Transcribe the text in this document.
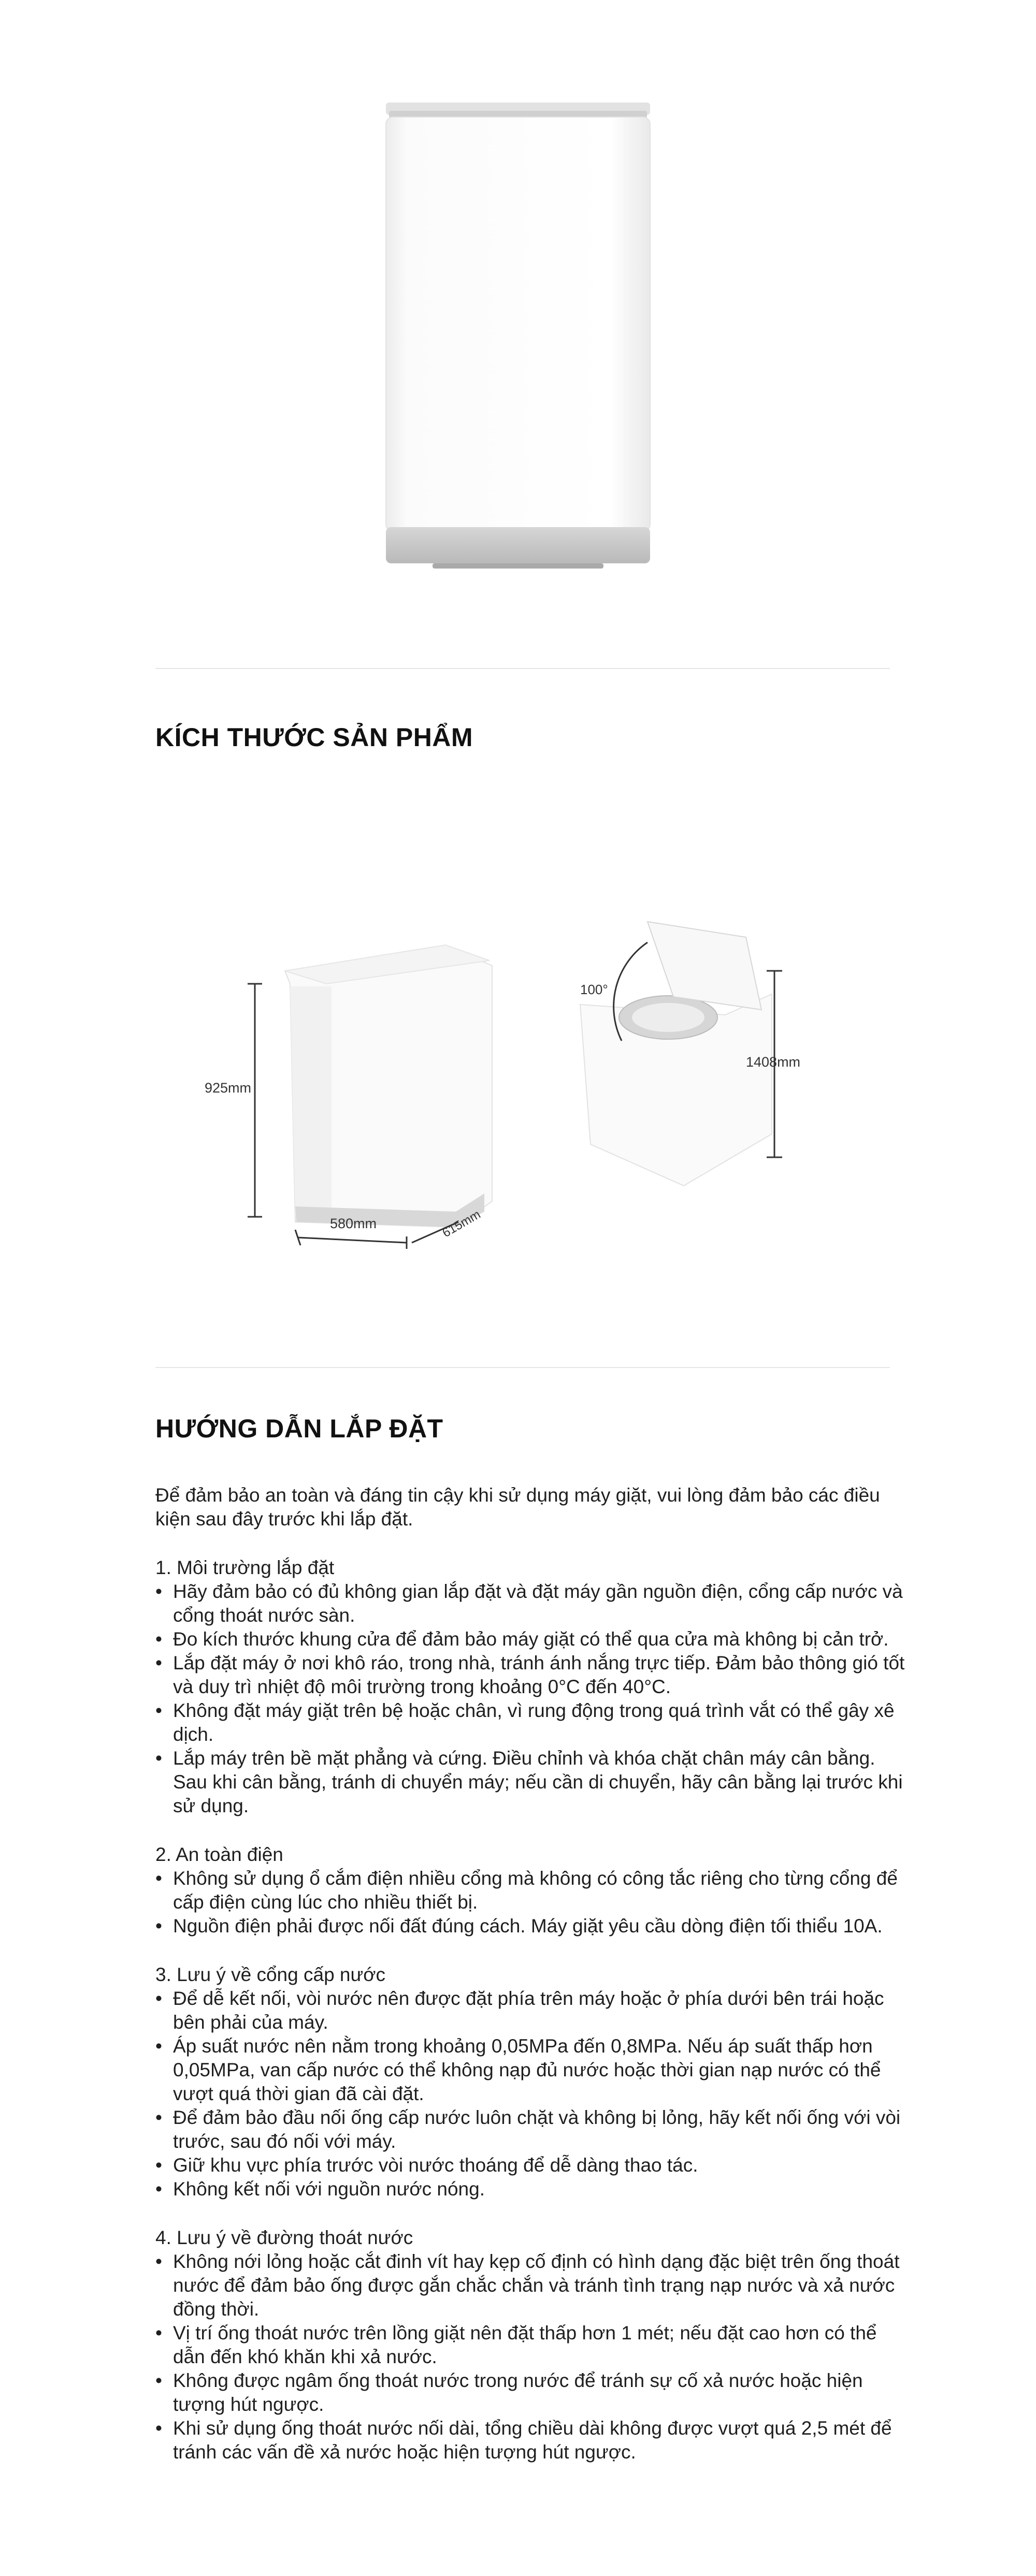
KÍCH THƯỚC SẢN PHẨM
925mm
580mm	615mm
100°
1408mm
HƯỚNG DẪN LẮP ĐẶT

Để đảm bảo an toàn và đáng tin cậy khi sử dụng máy giặt, vui lòng đảm bảo các điều kiện sau đây trước khi lắp đặt.

1. Môi trường lắp đặt

• Hãy đảm bảo có đủ không gian lắp đặt và đặt máy gần nguồn điện, cổng cấp nước và cổng thoát nước sàn.
• Đo kích thước khung cửa để đảm bảo máy giặt có thể qua cửa mà không bị cản trở.
• Lắp đặt máy ở nơi khô ráo, trong nhà, tránh ánh nắng trực tiếp. Đảm bảo thông gió tốt và duy trì nhiệt độ môi trường trong khoảng 0°C đến 40°C.
• Không đặt máy giặt trên bệ hoặc chân, vì rung động trong quá trình vắt có thể gây xê dịch.
• Lắp máy trên bề mặt phẳng và cứng. Điều chỉnh và khóa chặt chân máy cân bằng. Sau khi cân bằng, tránh di chuyển máy; nếu cần di chuyển, hãy cân bằng lại trước khi sử dụng.

2. An toàn điện

• Không sử dụng ổ cắm điện nhiều cổng mà không có công tắc riêng cho từng cổng để cấp điện cùng lúc cho nhiều thiết bị.
• Nguồn điện phải được nối đất đúng cách. Máy giặt yêu cầu dòng điện tối thiểu 10A.

3. Lưu ý về cổng cấp nước

• Để dễ kết nối, vòi nước nên được đặt phía trên máy hoặc ở phía dưới bên trái hoặc bên phải của máy.
• Áp suất nước nên nằm trong khoảng 0,05MPa đến 0,8MPa. Nếu áp suất thấp hơn 0,05MPa, van cấp nước có thể không nạp đủ nước hoặc thời gian nạp nước có thể vượt quá thời gian đã cài đặt.
• Để đảm bảo đầu nối ống cấp nước luôn chặt và không bị lỏng, hãy kết nối ống với vòi trước, sau đó nối với máy.
• Giữ khu vực phía trước vòi nước thoáng để dễ dàng thao tác.
• Không kết nối với nguồn nước nóng.

4. Lưu ý về đường thoát nước

• Không nới lỏng hoặc cắt đinh vít hay kẹp cố định có hình dạng đặc biệt trên ống thoát nước để đảm bảo ống được gắn chắc chắn và tránh tình trạng nạp nước và xả nước đồng thời.
• Vị trí ống thoát nước trên lồng giặt nên đặt thấp hơn 1 mét; nếu đặt cao hơn có thể dẫn đến khó khăn khi xả nước.
• Không được ngâm ống thoát nước trong nước để tránh sự cố xả nước hoặc hiện tượng hút ngược.
• Khi sử dụng ống thoát nước nối dài, tổng chiều dài không được vượt quá 2,5 mét để tránh các vấn đề xả nước hoặc hiện tượng hút ngược.
